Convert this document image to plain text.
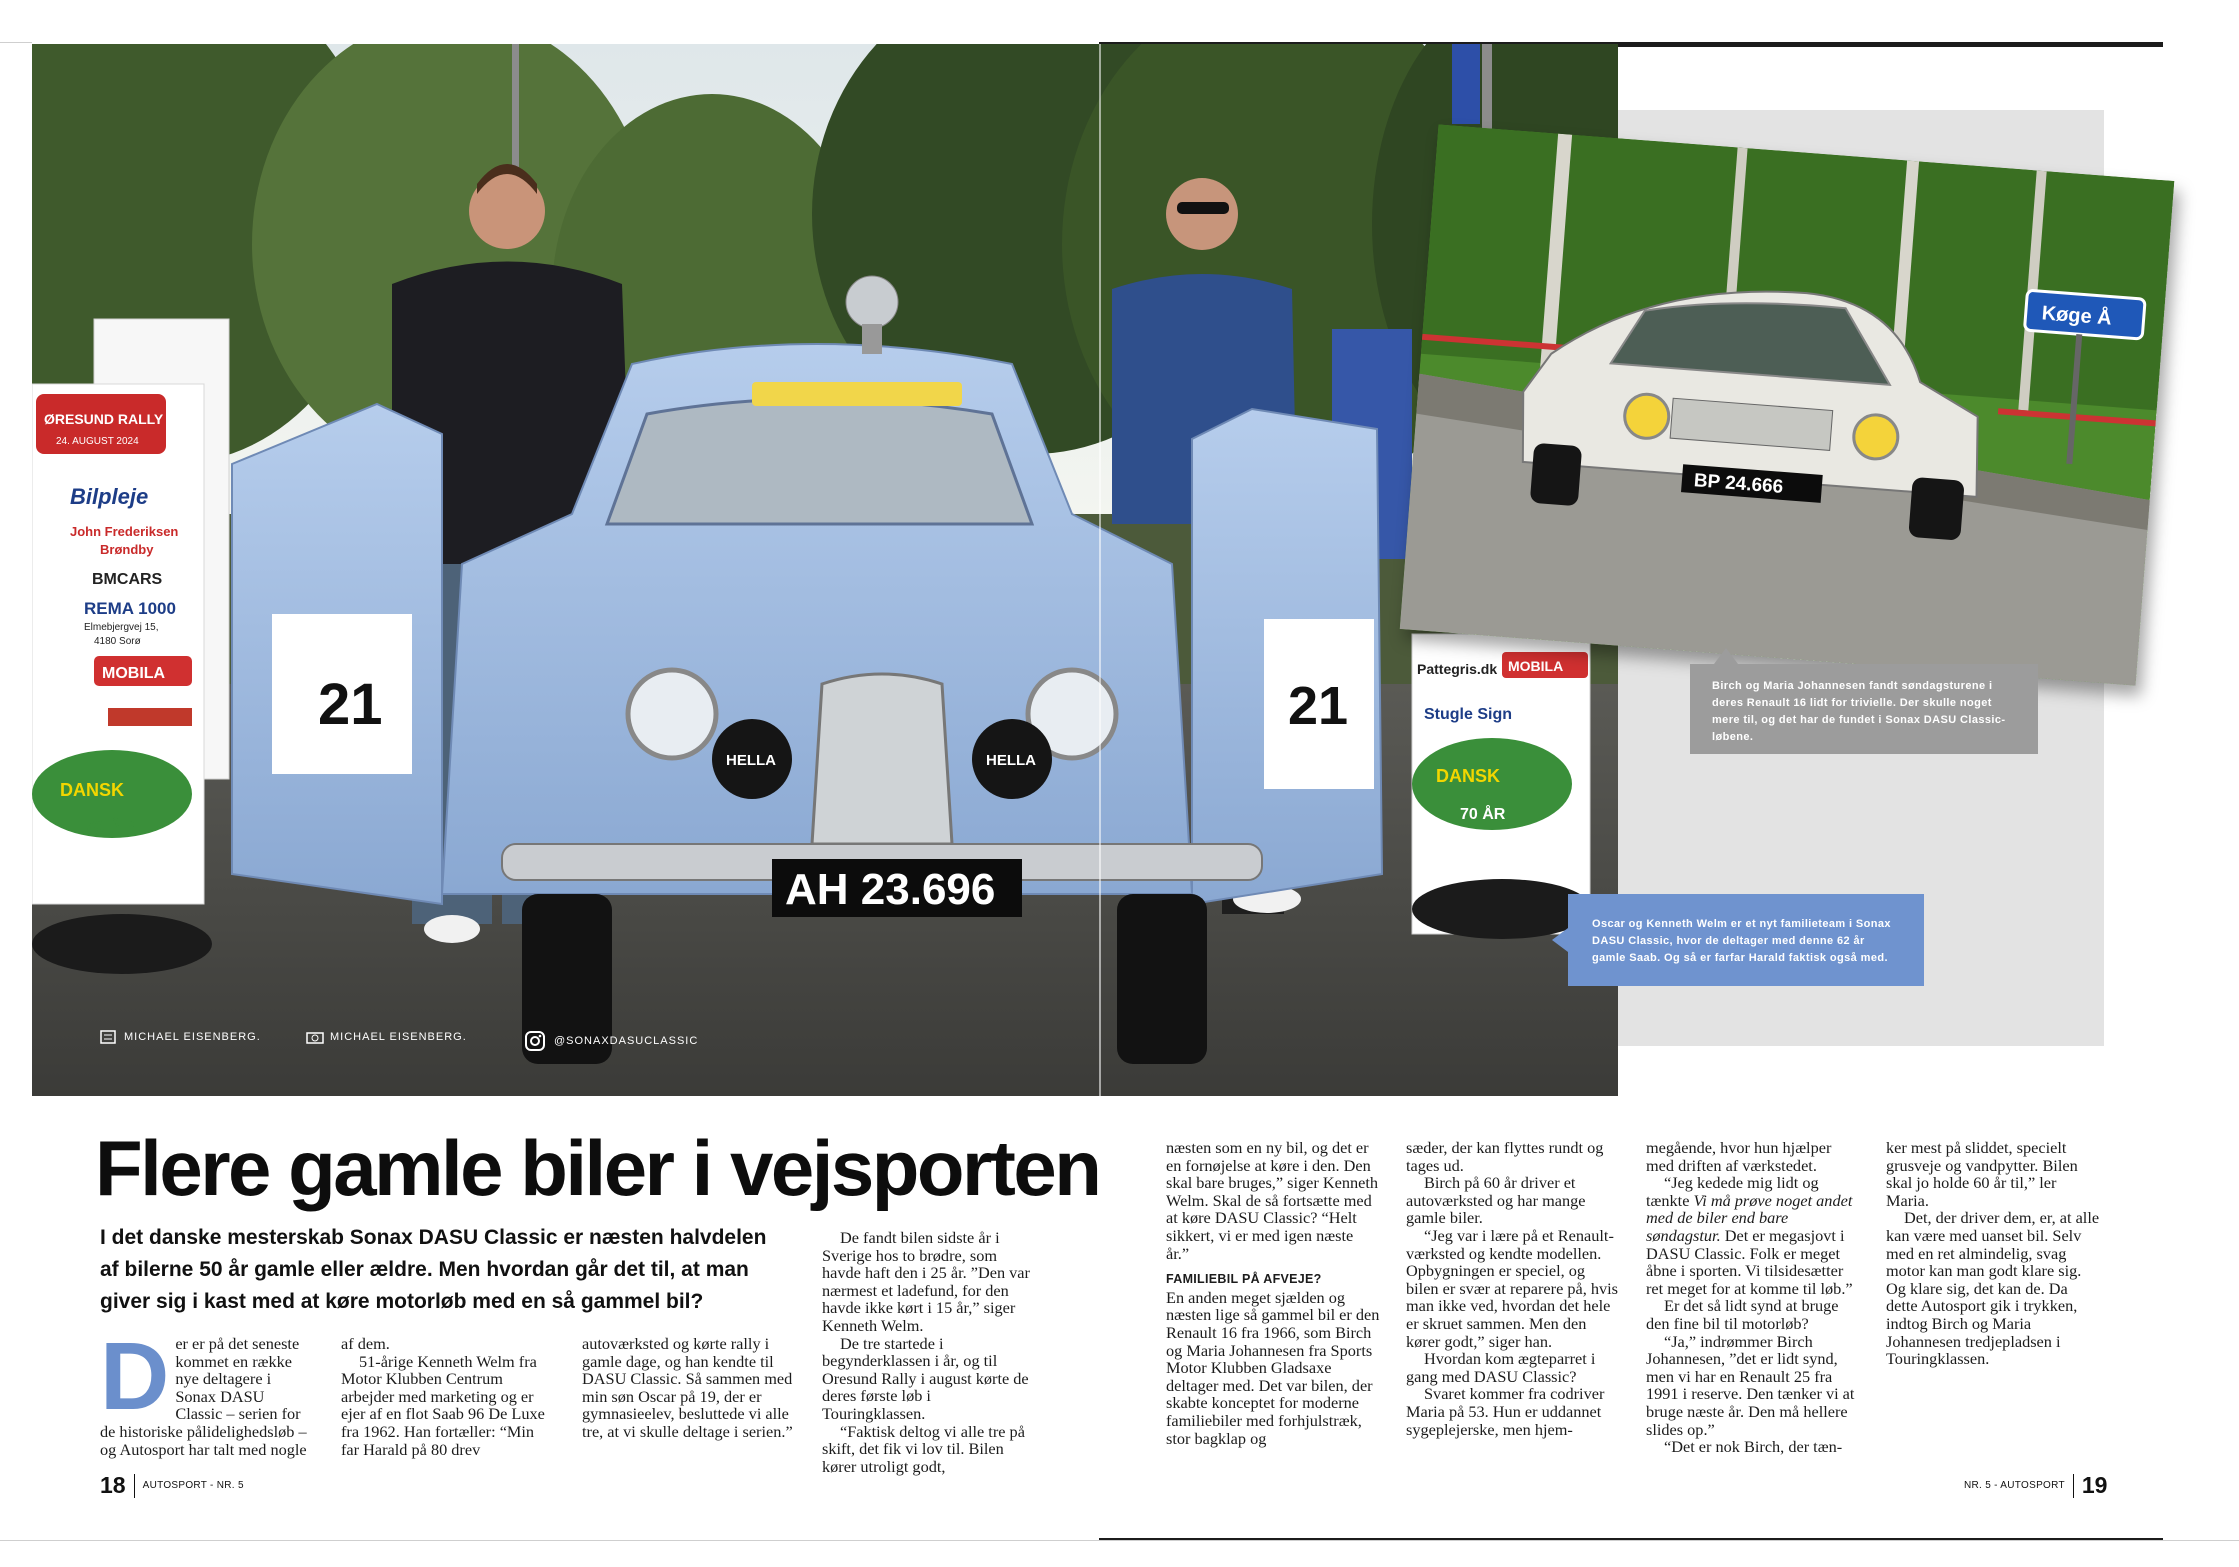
ØRESUND RALLY
24. AUGUST 2024
Bilpleje
John Frederiksen
Brøndby
BMCARS
REMA 1000
Elmebjergvej 15,
4180 Sorø
MOBILA
DANSK
70 ÅR
Pattegris.dk MOBILA
Stugle Sign
DANSK
70 ÅR
HELLA	HELLA
AH 23.696
21	21
Køge Å
BP 24.666
Birch og Maria Johannesen fandt søndagsturene i deres Renault 16 lidt for trivielle. Der skulle noget mere til, og det har de fundet i Sonax DASU Classic-løbene.
Oscar og Kenneth Welm er et nyt familieteam i Sonax DASU Classic, hvor de deltager med denne 62 år gamle Saab. Og så er farfar Harald faktisk også med.
MICHAEL EISENBERG.	MICHAEL EISENBERG.	@SONAXDASUCLASSIC
Flere gamle biler i vejsporten
I det danske mesterskab Sonax DASU Classic er næsten halvdelen af bilerne 50 år gamle eller ældre. Men hvordan går det til, at man giver sig i kast med at køre motorløb med en så gammel bil?
D er er på det seneste kommet en række nye deltagere i Sonax DASU Classic – serien for de historiske pålidelighedsløb – og Autosport har talt med nogle

af dem.

51-årige Kenneth Welm fra Motor Klubben Centrum arbejder med marketing og er ejer af en flot Saab 96 De Luxe fra 1962. Han fortæller: “Min far Harald på 80 drev

autoværksted og kørte rally i gamle dage, og han kendte til DASU Classic. Så sammen med min søn Oscar på 19, der er gymnasieelev, besluttede vi alle tre, at vi skulle deltage i serien.”

De fandt bilen sidste år i Sverige hos to brødre, som havde haft den i 25 år. ”Den var nærmest et ladefund, for den havde ikke kørt i 15 år,” siger Kenneth Welm.

De tre startede i begynderklassen i år, og til Oresund Rally i august kørte de deres første løb i Touringklassen.

“Faktisk deltog vi alle tre på skift, det fik vi lov til. Bilen kører utroligt godt,

næsten som en ny bil, og det er en fornøjelse at køre i den. Den skal bare bruges,” siger Kenneth Welm. Skal de så fortsætte med at køre DASU Classic? “Helt sikkert, vi er med igen næste år.”

FAMILIEBIL PÅ AFVEJE?

En anden meget sjælden og næsten lige så gammel bil er den Renault 16 fra 1966, som Birch og Maria Johannesen fra Sports Motor Klubben Gladsaxe deltager med. Det var bilen, der skabte konceptet for moderne familiebiler med forhjulstræk, stor bagklap og

sæder, der kan flyttes rundt og tages ud.

Birch på 60 år driver et autoværksted og har mange gamle biler.

“Jeg var i lære på et Renault-værksted og kendte modellen. Opbygningen er speciel, og bilen er svær at reparere på, hvis man ikke ved, hvordan det hele er skruet sammen. Men den kører godt,” siger han.

Hvordan kom ægteparret i gang med DASU Classic?

Svaret kommer fra codriver Maria på 53. Hun er uddannet sygeplejerske, men hjem-

megående, hvor hun hjælper med driften af værkstedet.

“Jeg kedede mig lidt og tænkte Vi må prøve noget andet med de biler end bare søndagstur. Det er megasjovt i DASU Classic. Folk er meget åbne i sporten. Vi tilsidesætter ret meget for at komme til løb.”

Er det så lidt synd at bruge den fine bil til motorløb?

“Ja,” indrømmer Birch Johannesen, ”det er lidt synd, men vi har en Renault 25 fra 1991 i reserve. Den tænker vi at bruge næste år. Den må hellere slides op.”

“Det er nok Birch, der tæn-

ker mest på sliddet, specielt grusveje og vandpytter. Bilen skal jo holde 60 år til,” ler Maria.

Det, der driver dem, er, at alle kan være med uanset bil. Selv med en ret almindelig, svag motor kan man godt klare sig. Og klare sig, det kan de. Da dette Autosport gik i trykken, indtog Birch og Maria Johannesen tredjepladsen i Touringklassen.

18 AUTOSPORT - NR. 5	NR. 5 - AUTOSPORT 19
